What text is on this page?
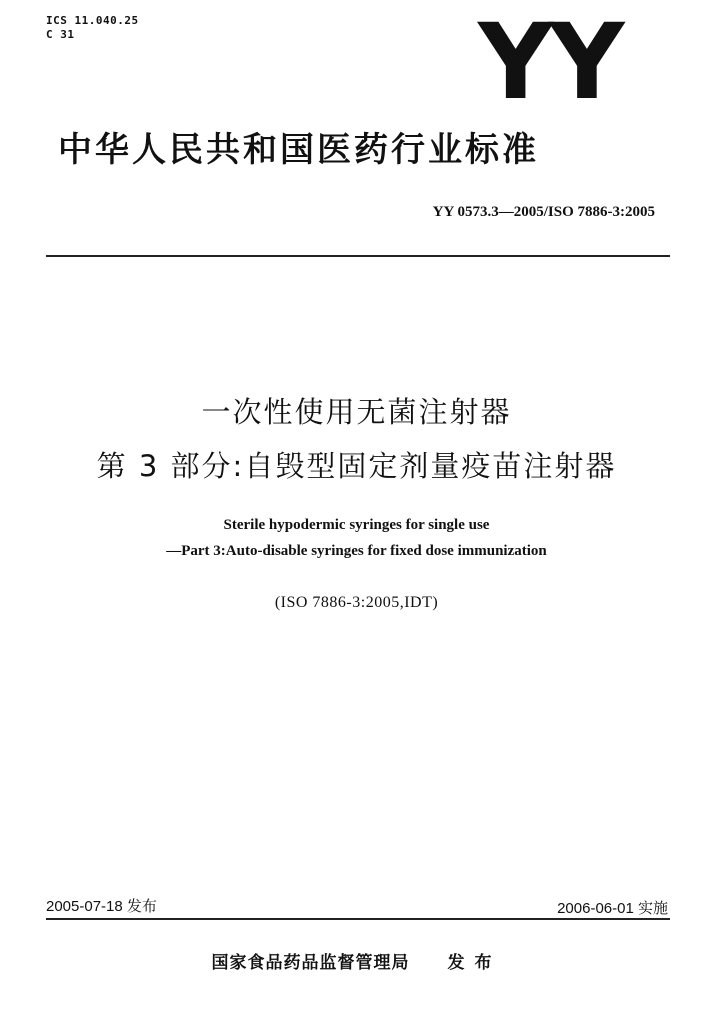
ICS 11.040.25
C 31	YY
中华人民共和国医药行业标准
YY 0573.3—2005/ISO 7886-3:2005
一次性使用无菌注射器
第 3 部分:自毁型固定剂量疫苗注射器
Sterile hypodermic syringes for single use
—Part 3:Auto-disable syringes for fixed dose immunization
(ISO 7886-3:2005,IDT)
2005-07-18 发布	2006-06-01 实施
国家食品药品监督管理局 发布
